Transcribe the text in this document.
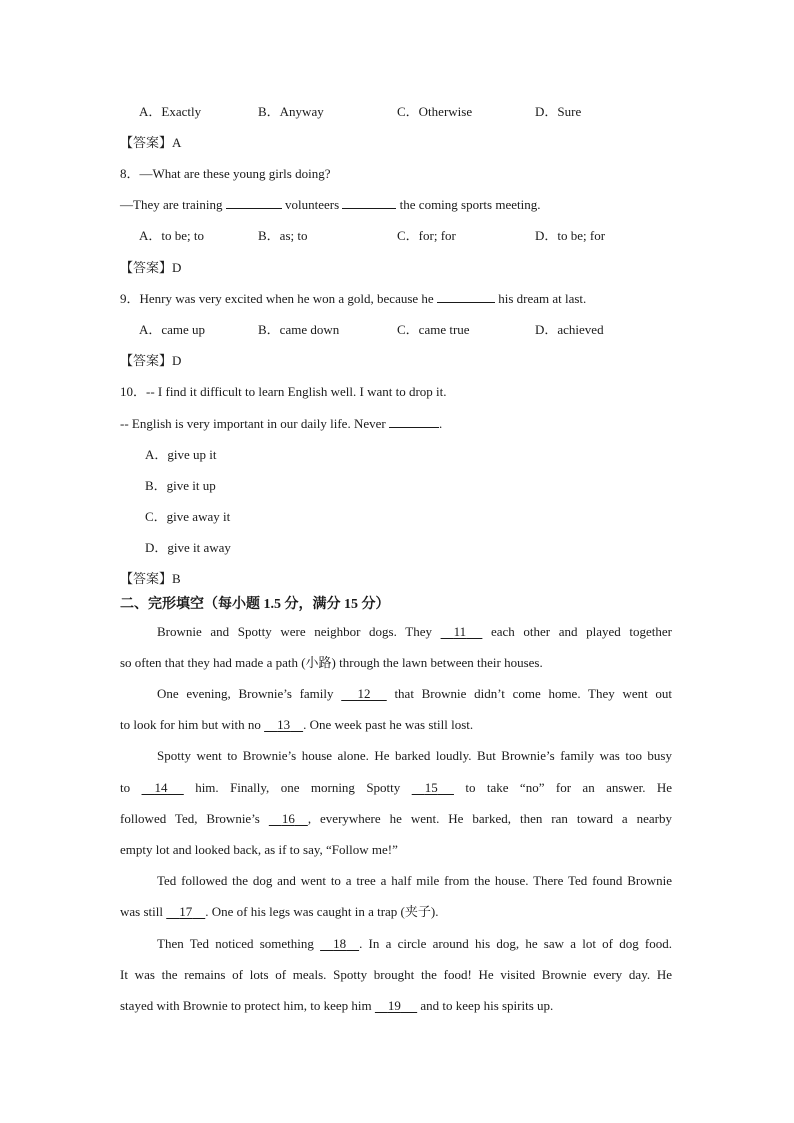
A．Exactly	B．Anyway	C．Otherwise	D．Sure
【答案】A
8．—What are these young girls doing?
—They are training	volunteers	the coming sports meeting.
A．to be; to	B．as; to	C．for; for	D．to be; for
【答案】D
9．Henry was very excited when he won a gold, because he	his dream at last.
A．came up	B．came down	C．came true	D．achieved
【答案】D
10．-- I find it difficult to learn English well. I want to drop it.
-- English is very important in our daily life. Never	.
A．give up it
B．give it up
C．give away it
D．give it away
【答案】B
二、完形填空（每小题 1.5 分，满分 15 分）
Brownie and Spotty were neighbor dogs. They 11 each other and played together
so often that they had made a path (小路) through the lawn between their houses.
One evening, Brownie’s family 12 that Brownie didn’t come home. They went out
to look for him but with no 13 . One week past he was still lost.
Spotty went to Brownie’s house alone. He barked loudly. But Brownie’s family was too busy
to 14 him. Finally, one morning Spotty 15 to take “no” for an answer. He
followed Ted, Brownie’s 16 , everywhere he went. He barked, then ran toward a nearby
empty lot and looked back, as if to say, “Follow me!”
Ted followed the dog and went to a tree a half mile from the house. There Ted found Brownie
was still 17 . One of his legs was caught in a trap (夹子).
Then Ted noticed something 18 . In a circle around his dog, he saw a lot of dog food.
It was the remains of lots of meals. Spotty brought the food! He visited Brownie every day. He
stayed with Brownie to protect him, to keep him 19 and to keep his spirits up.
